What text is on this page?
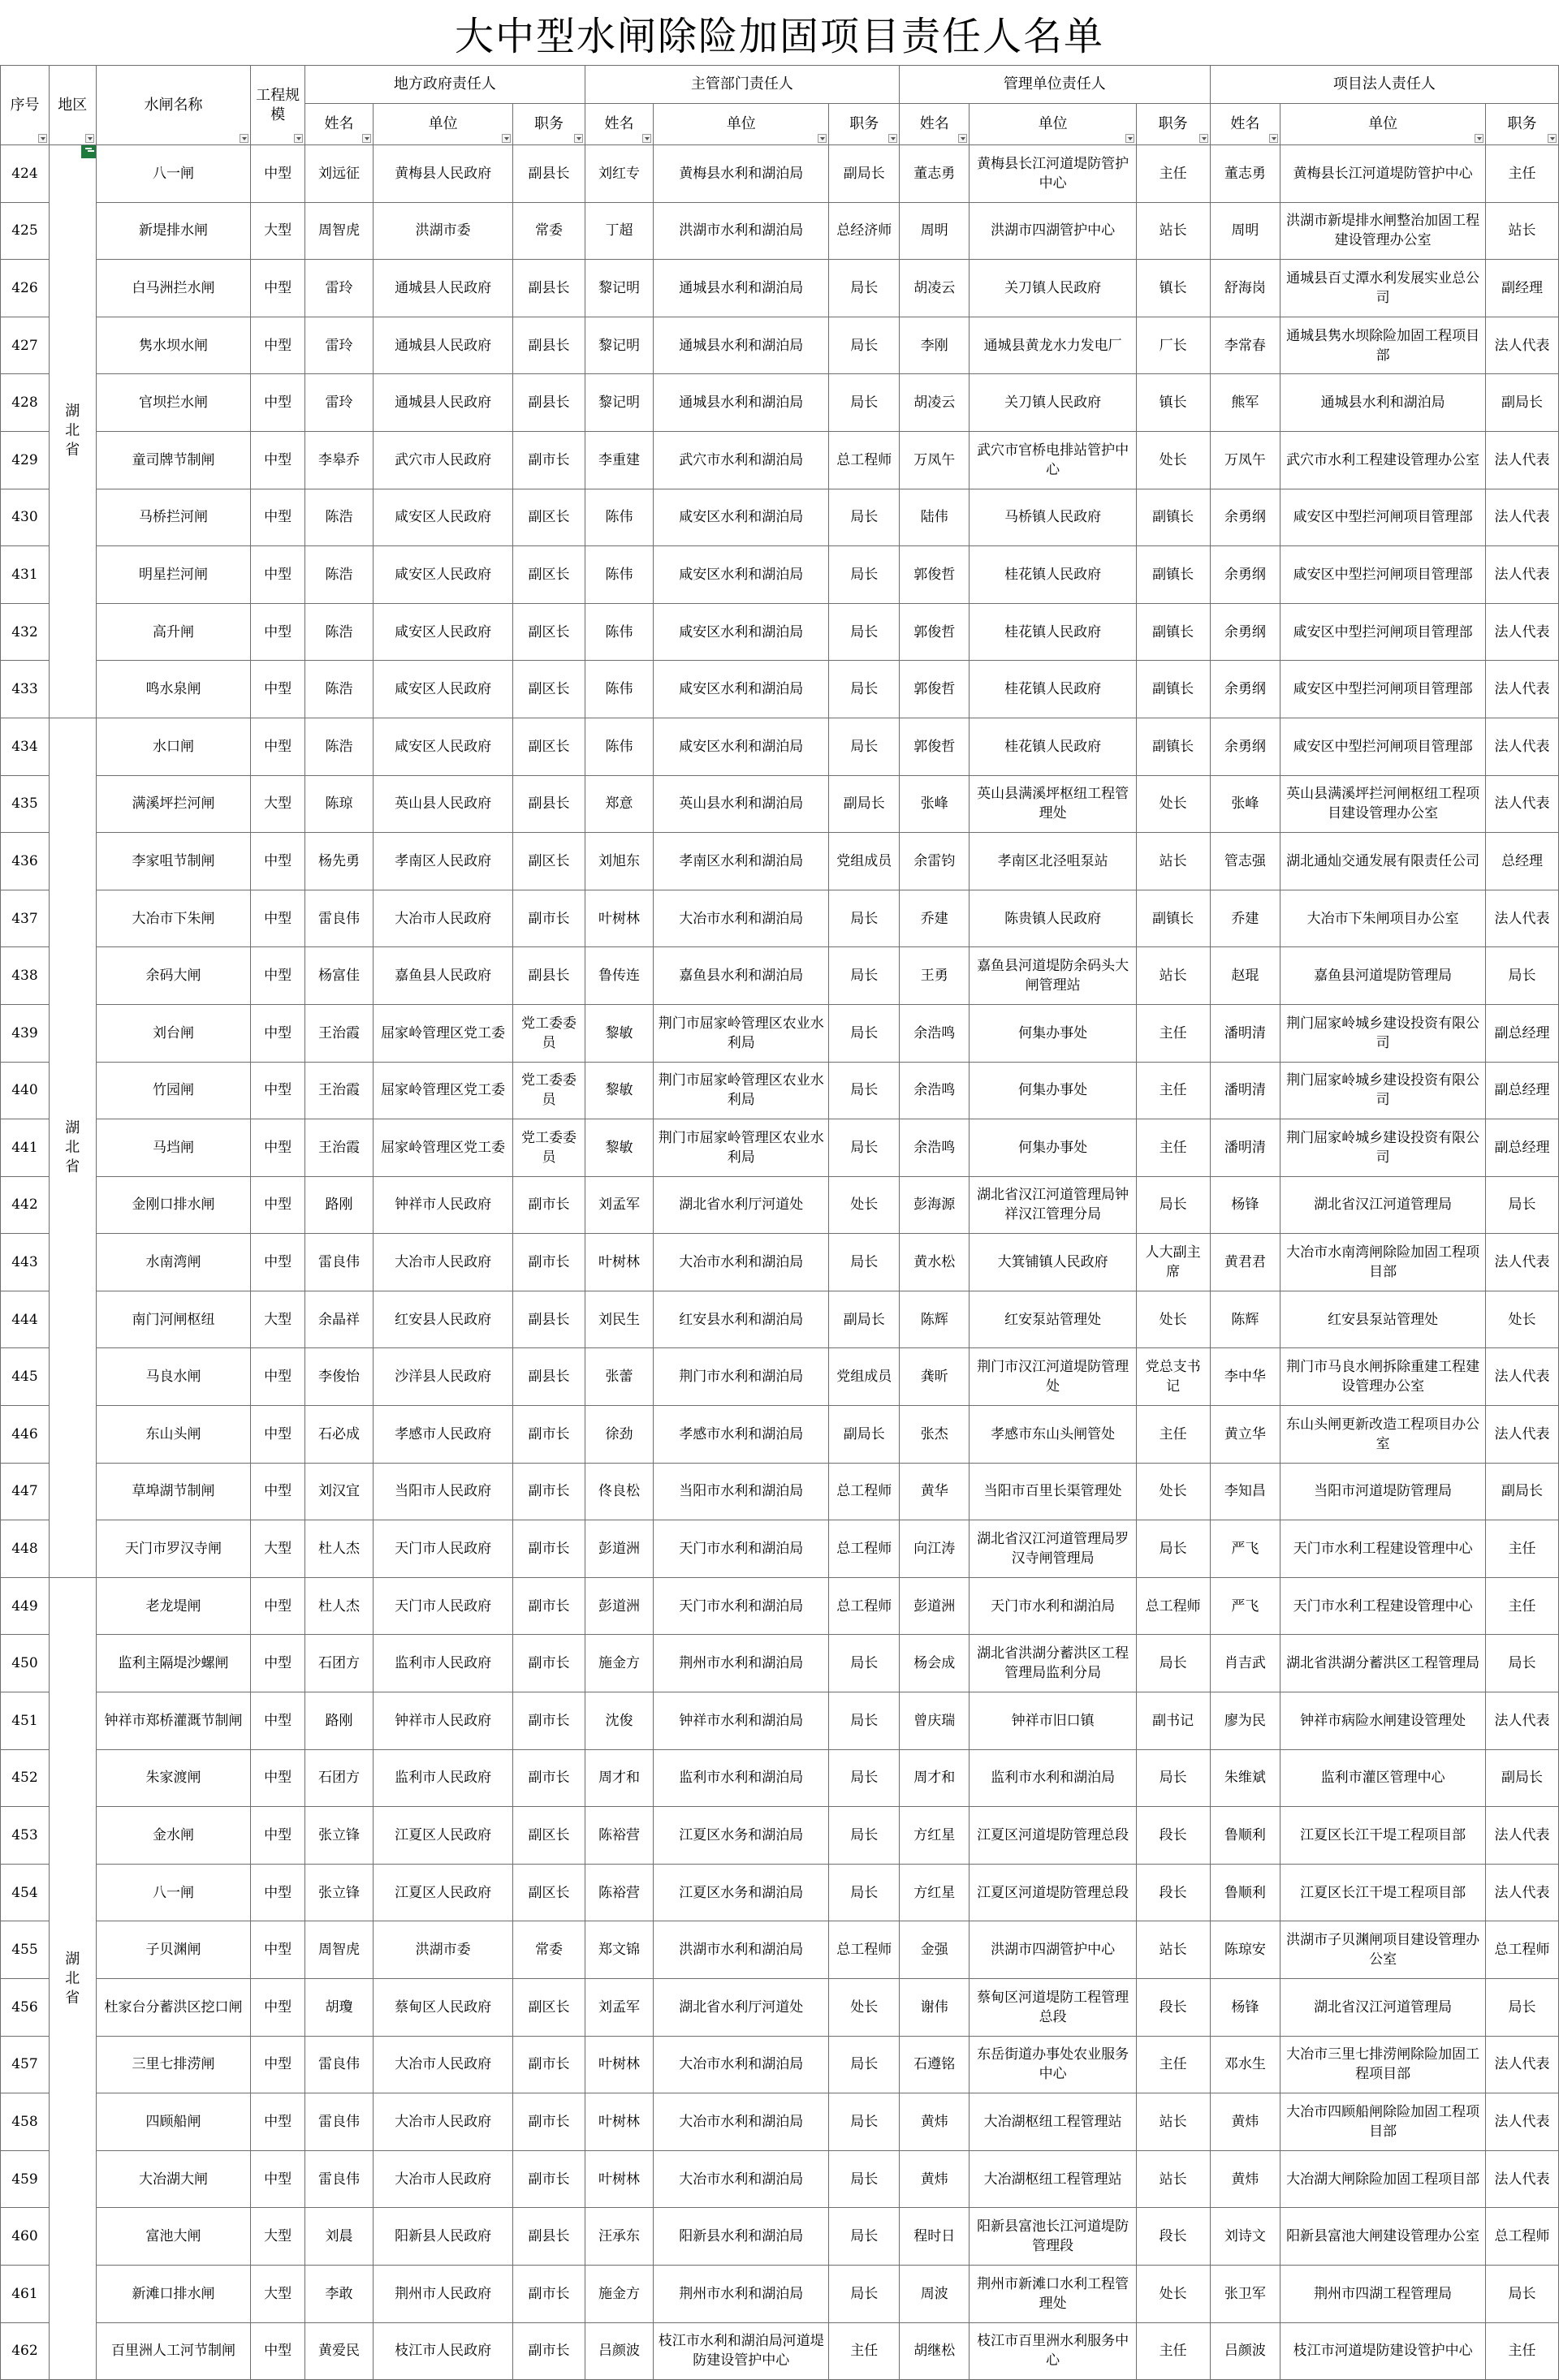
大中型水闸除险加固项目责任人名单
序号	地区	水闸名称	工程规模	地方政府责任人			主管部门责任人			管理单位责任人			项目法人责任人		
				姓名	单位	职务	姓名	单位	职务	姓名	单位	职务	姓名	单位	职务

424	湖北省	八一闸	中型	刘远征	黄梅县人民政府	副县长	刘红专	黄梅县水利和湖泊局	副局长	董志勇	黄梅县长江河道堤防管护中心	主任	董志勇	黄梅县长江河道堤防管护中心	主任
425		新堤排水闸	大型	周智虎	洪湖市委	常委	丁超	洪湖市水利和湖泊局	总经济师	周明	洪湖市四湖管护中心	站长	周明	洪湖市新堤排水闸整治加固工程建设管理办公室	站长
426		白马洲拦水闸	中型	雷玲	通城县人民政府	副县长	黎记明	通城县水利和湖泊局	局长	胡凌云	关刀镇人民政府	镇长	舒海岗	通城县百丈潭水利发展实业总公司	副经理
427		隽水坝水闸	中型	雷玲	通城县人民政府	副县长	黎记明	通城县水利和湖泊局	局长	李刚	通城县黄龙水力发电厂	厂长	李常春	通城县隽水坝除险加固工程项目部	法人代表
428		官坝拦水闸	中型	雷玲	通城县人民政府	副县长	黎记明	通城县水利和湖泊局	局长	胡凌云	关刀镇人民政府	镇长	熊军	通城县水利和湖泊局	副局长
429		童司牌节制闸	中型	李皋乔	武穴市人民政府	副市长	李重建	武穴市水利和湖泊局	总工程师	万凤午	武穴市官桥电排站管护中心	处长	万凤午	武穴市水利工程建设管理办公室	法人代表
430		马桥拦河闸	中型	陈浩	咸安区人民政府	副区长	陈伟	咸安区水利和湖泊局	局长	陆伟	马桥镇人民政府	副镇长	余勇纲	咸安区中型拦河闸项目管理部	法人代表
431		明星拦河闸	中型	陈浩	咸安区人民政府	副区长	陈伟	咸安区水利和湖泊局	局长	郭俊哲	桂花镇人民政府	副镇长	余勇纲	咸安区中型拦河闸项目管理部	法人代表
432		高升闸	中型	陈浩	咸安区人民政府	副区长	陈伟	咸安区水利和湖泊局	局长	郭俊哲	桂花镇人民政府	副镇长	余勇纲	咸安区中型拦河闸项目管理部	法人代表
433		鸣水泉闸	中型	陈浩	咸安区人民政府	副区长	陈伟	咸安区水利和湖泊局	局长	郭俊哲	桂花镇人民政府	副镇长	余勇纲	咸安区中型拦河闸项目管理部	法人代表
434	湖北省	水口闸	中型	陈浩	咸安区人民政府	副区长	陈伟	咸安区水利和湖泊局	局长	郭俊哲	桂花镇人民政府	副镇长	余勇纲	咸安区中型拦河闸项目管理部	法人代表
435		满溪坪拦河闸	大型	陈琼	英山县人民政府	副县长	郑意	英山县水利和湖泊局	副局长	张峰	英山县满溪坪枢纽工程管理处	处长	张峰	英山县满溪坪拦河闸枢纽工程项目建设管理办公室	法人代表
436		李家咀节制闸	中型	杨先勇	孝南区人民政府	副区长	刘旭东	孝南区水利和湖泊局	党组成员	余雷钧	孝南区北泾咀泵站	站长	管志强	湖北通灿交通发展有限责任公司	总经理
437		大冶市下朱闸	中型	雷良伟	大冶市人民政府	副市长	叶树林	大冶市水利和湖泊局	局长	乔建	陈贵镇人民政府	副镇长	乔建	大冶市下朱闸项目办公室	法人代表
438		余码大闸	中型	杨富佳	嘉鱼县人民政府	副县长	鲁传连	嘉鱼县水利和湖泊局	局长	王勇	嘉鱼县河道堤防余码头大闸管理站	站长	赵琨	嘉鱼县河道堤防管理局	局长
439		刘台闸	中型	王治霞	屈家岭管理区党工委	党工委委员	黎敏	荆门市屈家岭管理区农业水利局	局长	余浩鸣	何集办事处	主任	潘明清	荆门屈家岭城乡建设投资有限公司	副总经理
440		竹园闸	中型	王治霞	屈家岭管理区党工委	党工委委员	黎敏	荆门市屈家岭管理区农业水利局	局长	余浩鸣	何集办事处	主任	潘明清	荆门屈家岭城乡建设投资有限公司	副总经理
441		马垱闸	中型	王治霞	屈家岭管理区党工委	党工委委员	黎敏	荆门市屈家岭管理区农业水利局	局长	余浩鸣	何集办事处	主任	潘明清	荆门屈家岭城乡建设投资有限公司	副总经理
442		金刚口排水闸	中型	路刚	钟祥市人民政府	副市长	刘孟军	湖北省水利厅河道处	处长	彭海源	湖北省汉江河道管理局钟祥汉江管理分局	局长	杨锋	湖北省汉江河道管理局	局长
443		水南湾闸	中型	雷良伟	大冶市人民政府	副市长	叶树林	大冶市水利和湖泊局	局长	黄水松	大箕铺镇人民政府	人大副主席	黄君君	大冶市水南湾闸除险加固工程项目部	法人代表
444		南门河闸枢纽	大型	余晶祥	红安县人民政府	副县长	刘民生	红安县水利和湖泊局	副局长	陈辉	红安泵站管理处	处长	陈辉	红安县泵站管理处	处长
445		马良水闸	中型	李俊怡	沙洋县人民政府	副县长	张蕾	荆门市水利和湖泊局	党组成员	龚昕	荆门市汉江河道堤防管理处	党总支书记	李中华	荆门市马良水闸拆除重建工程建设管理办公室	法人代表
446		东山头闸	中型	石必成	孝感市人民政府	副市长	徐劲	孝感市水利和湖泊局	副局长	张杰	孝感市东山头闸管处	主任	黄立华	东山头闸更新改造工程项目办公室	法人代表
447		草埠湖节制闸	中型	刘汉宜	当阳市人民政府	副市长	佟良松	当阳市水利和湖泊局	总工程师	黄华	当阳市百里长渠管理处	处长	李知昌	当阳市河道堤防管理局	副局长
448		天门市罗汉寺闸	大型	杜人杰	天门市人民政府	副市长	彭道洲	天门市水利和湖泊局	总工程师	向江涛	湖北省汉江河道管理局罗汉寺闸管理局	局长	严飞	天门市水利工程建设管理中心	主任
449	湖北省	老龙堤闸	中型	杜人杰	天门市人民政府	副市长	彭道洲	天门市水利和湖泊局	总工程师	彭道洲	天门市水利和湖泊局	总工程师	严飞	天门市水利工程建设管理中心	主任
450		监利主隔堤沙螺闸	中型	石团方	监利市人民政府	副市长	施金方	荆州市水利和湖泊局	局长	杨会成	湖北省洪湖分蓄洪区工程管理局监利分局	局长	肖吉武	湖北省洪湖分蓄洪区工程管理局	局长
451		钟祥市郑桥灌溉节制闸	中型	路刚	钟祥市人民政府	副市长	沈俊	钟祥市水利和湖泊局	局长	曾庆瑞	钟祥市旧口镇	副书记	廖为民	钟祥市病险水闸建设管理处	法人代表
452		朱家渡闸	中型	石团方	监利市人民政府	副市长	周才和	监利市水利和湖泊局	局长	周才和	监利市水利和湖泊局	局长	朱维斌	监利市灌区管理中心	副局长
453		金水闸	中型	张立锋	江夏区人民政府	副区长	陈裕营	江夏区水务和湖泊局	局长	方红星	江夏区河道堤防管理总段	段长	鲁顺利	江夏区长江干堤工程项目部	法人代表
454		八一闸	中型	张立锋	江夏区人民政府	副区长	陈裕营	江夏区水务和湖泊局	局长	方红星	江夏区河道堤防管理总段	段长	鲁顺利	江夏区长江干堤工程项目部	法人代表
455		子贝渊闸	中型	周智虎	洪湖市委	常委	郑文锦	洪湖市水利和湖泊局	总工程师	金强	洪湖市四湖管护中心	站长	陈琼安	洪湖市子贝渊闸项目建设管理办公室	总工程师
456		杜家台分蓄洪区挖口闸	中型	胡瓊	蔡甸区人民政府	副区长	刘孟军	湖北省水利厅河道处	处长	谢伟	蔡甸区河道堤防工程管理总段	段长	杨锋	湖北省汉江河道管理局	局长
457		三里七排涝闸	中型	雷良伟	大冶市人民政府	副市长	叶树林	大冶市水利和湖泊局	局长	石遵铭	东岳街道办事处农业服务中心	主任	邓水生	大冶市三里七排涝闸除险加固工程项目部	法人代表
458		四顾船闸	中型	雷良伟	大冶市人民政府	副市长	叶树林	大冶市水利和湖泊局	局长	黄炜	大冶湖枢纽工程管理站	站长	黄炜	大冶市四顾船闸除险加固工程项目部	法人代表
459		大冶湖大闸	中型	雷良伟	大冶市人民政府	副市长	叶树林	大冶市水利和湖泊局	局长	黄炜	大冶湖枢纽工程管理站	站长	黄炜	大冶湖大闸除险加固工程项目部	法人代表
460		富池大闸	大型	刘晨	阳新县人民政府	副县长	汪承东	阳新县水利和湖泊局	局长	程时日	阳新县富池长江河道堤防管理段	段长	刘诗文	阳新县富池大闸建设管理办公室	总工程师
461		新滩口排水闸	大型	李敢	荆州市人民政府	副市长	施金方	荆州市水利和湖泊局	局长	周波	荆州市新滩口水利工程管理处	处长	张卫军	荆州市四湖工程管理局	局长
462		百里洲人工河节制闸	中型	黄爱民	枝江市人民政府	副市长	吕颜波	枝江市水利和湖泊局河道堤防建设管护中心	主任	胡继松	枝江市百里洲水利服务中心	主任	吕颜波	枝江市河道堤防建设管护中心	主任
